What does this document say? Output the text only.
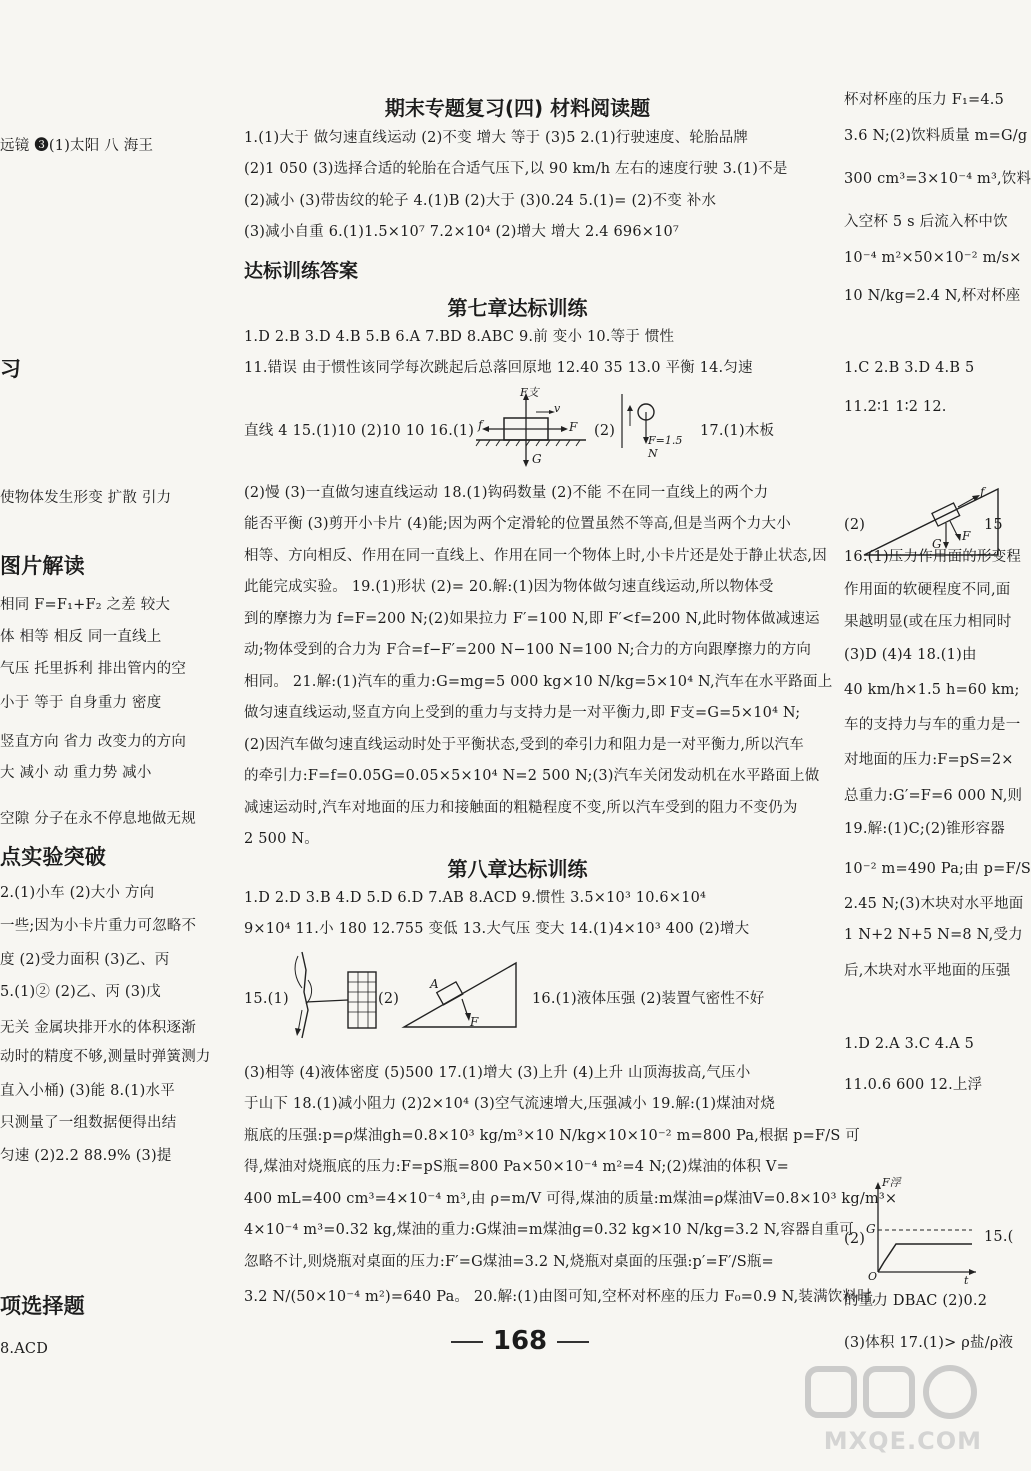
远镜 ❸(1)太阳 八 海王
习
使物体发生形变 扩散 引力
图片解读
相同 F=F₁+F₂ 之差 较大
体 相等 相反 同一直线上
气压 托里拆利 排出管内的空
小于 等于 自身重力 密度
竖直方向 省力 改变力的方向
大 减小 动 重力势 减小
空隙 分子在永不停息地做无规
点实验突破
2.(1)小车 (2)大小 方向
一些;因为小卡片重力可忽略不
度 (2)受力面积 (3)乙、丙
5.(1)② (2)乙、丙 (3)戊
无关 金属块排开水的体积逐渐
动时的精度不够,测量时弹簧测力
直入小桶) (3)能 8.(1)水平
只测量了一组数据便得出结
匀速 (2)2.2 88.9% (3)提
项选择题
8.ACD
期末专题复习(四) 材料阅读题
1.(1)大于 做匀速直线运动 (2)不变 增大 等于 (3)5 2.(1)行驶速度、轮胎品牌
(2)1 050 (3)选择合适的轮胎在合适气压下,以 90 km/h 左右的速度行驶 3.(1)不是
(2)减小 (3)带齿纹的轮子 4.(1)B (2)大于 (3)0.24 5.(1)= (2)不变 补水
(3)减小自重 6.(1)1.5×10⁷ 7.2×10⁴ (2)增大 增大 2.4 696×10⁷
达标训练答案
第七章达标训练
1.D 2.B 3.D 4.B 5.B 6.A 7.BD 8.ABC 9.前 变小 10.等于 惯性
11.错误 由于惯性该同学每次跳起后总落回原地 12.40 35 13.0 平衡 14.匀速
直线 4 15.(1)10 (2)10 10 16.(1)
F支
v
f	F
G
(2)
F=1.5 N
17.(1)木板
(2)慢 (3)一直做匀速直线运动 18.(1)钩码数量 (2)不能 不在同一直线上的两个力
能否平衡 (3)剪开小卡片 (4)能;因为两个定滑轮的位置虽然不等高,但是当两个力大小
相等、方向相反、作用在同一直线上、作用在同一个物体上时,小卡片还是处于静止状态,因
此能完成实验。 19.(1)形状 (2)= 20.解:(1)因为物体做匀速直线运动,所以物体受
到的摩擦力为 f=F=200 N;(2)如果拉力 F′=100 N,即 F′<f=200 N,此时物体做减速运
动;物体受到的合力为 F合=f−F′=200 N−100 N=100 N;合力的方向跟摩擦力的方向
相同。 21.解:(1)汽车的重力:G=mg=5 000 kg×10 N/kg=5×10⁴ N,汽车在水平路面上
做匀速直线运动,竖直方向上受到的重力与支持力是一对平衡力,即 F支=G=5×10⁴ N;
(2)因汽车做匀速直线运动时处于平衡状态,受到的牵引力和阻力是一对平衡力,所以汽车
的牵引力:F=f=0.05G=0.05×5×10⁴ N=2 500 N;(3)汽车关闭发动机在水平路面上做
减速运动时,汽车对地面的压力和接触面的粗糙程度不变,所以汽车受到的阻力不变仍为
2 500 N。
第八章达标训练
1.D 2.D 3.B 4.D 5.D 6.D 7.AB 8.ACD 9.惯性 3.5×10³ 10.6×10⁴
9×10⁴ 11.小 180 12.755 变低 13.大气压 变大 14.(1)4×10³ 400 (2)增大
15.(1)	(2)
A
F
16.(1)液体压强 (2)装置气密性不好
(3)相等 (4)液体密度 (5)500 17.(1)增大 (3)上升 (4)上升 山顶海拔高,气压小
于山下 18.(1)减小阻力 (2)2×10⁴ (3)空气流速增大,压强减小 19.解:(1)煤油对烧
瓶底的压强:p=ρ煤油gh=0.8×10³ kg/m³×10 N/kg×10×10⁻² m=800 Pa,根据 p=F/S 可
得,煤油对烧瓶底的压力:F=pS瓶=800 Pa×50×10⁻⁴ m²=4 N;(2)煤油的体积 V=
400 mL=400 cm³=4×10⁻⁴ m³,由 ρ=m/V 可得,煤油的质量:m煤油=ρ煤油V=0.8×10³ kg/m³×
4×10⁻⁴ m³=0.32 kg,煤油的重力:G煤油=m煤油g=0.32 kg×10 N/kg=3.2 N,容器自重可
忽略不计,则烧瓶对桌面的压力:F′=G煤油=3.2 N,烧瓶对桌面的压强:p′=F′/S瓶=
3.2 N/(50×10⁻⁴ m²)=640 Pa。 20.解:(1)由图可知,空杯对杯座的压力 F₀=0.9 N,装满饮料时,
G
F
f
15
F浮
G
O	t
15.(
杯对杯座的压力 F₁=4.5
3.6 N;(2)饮料质量 m=G/g
300 cm³=3×10⁻⁴ m³,饮料
入空杯 5 s 后流入杯中饮
10⁻⁴ m²×50×10⁻² m/s×
10 N/kg=2.4 N,杯对杯座
1.C 2.B 3.D 4.B 5
11.2∶1 1∶2 12.
(2)
16.(1)压力作用面的形变程
作用面的软硬程度不同,面
果越明显(或在压力相同时
(3)D (4)4 18.(1)由
40 km/h×1.5 h=60 km;
车的支持力与车的重力是一
对地面的压力:F=pS=2×
总重力:G′=F=6 000 N,则
19.解:(1)C;(2)锥形容器
10⁻² m=490 Pa;由 p=F/S
2.45 N;(3)木块对水平地面
1 N+2 N+5 N=8 N,受力
后,木块对水平地面的压强
1.D 2.A 3.C 4.A 5
11.0.6 600 12.上浮
(2)
的重力 DBAC (2)0.2
(3)体积 17.(1)> ρ盐/ρ液
168
MXQE.COM
